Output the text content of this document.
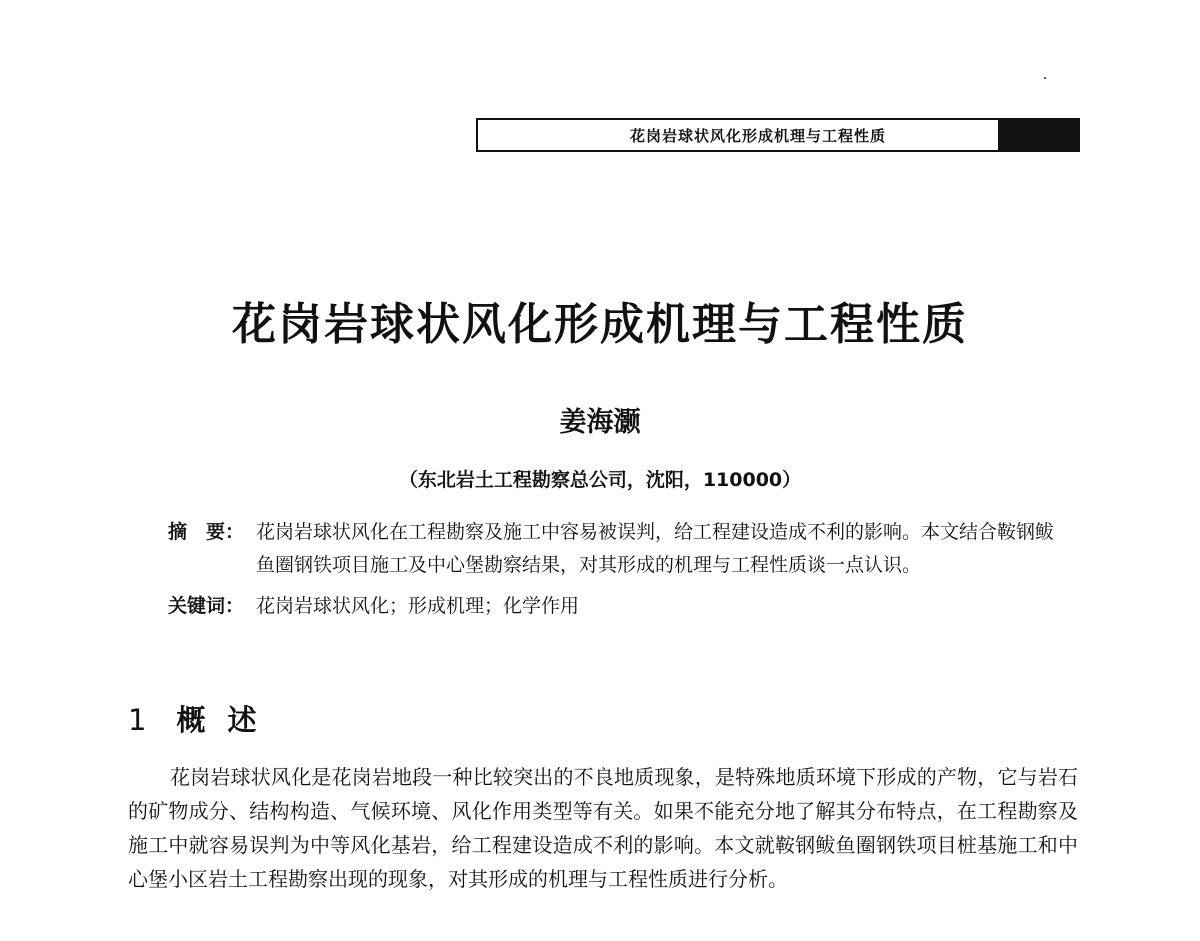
花岗岩球状风化形成机理与工程性质
花岗岩球状风化形成机理与工程性质
姜海灏
（东北岩土工程勘察总公司，沈阳，110000）
摘　要： 花岗岩球状风化在工程勘察及施工中容易被误判，给工程建设造成不利的影响。本文结合鞍钢鲅鱼圈钢铁项目施工及中心堡勘察结果，对其形成的机理与工程性质谈一点认识。
关键词： 花岗岩球状风化；形成机理；化学作用
1 概述
花岗岩球状风化是花岗岩地段一种比较突出的不良地质现象，是特殊地质环境下形成的产物，它与岩石的矿物成分、结构构造、气候环境、风化作用类型等有关。如果不能充分地了解其分布特点，在工程勘察及施工中就容易误判为中等风化基岩，给工程建设造成不利的影响。本文就鞍钢鲅鱼圈钢铁项目桩基施工和中心堡小区岩土工程勘察出现的现象，对其形成的机理与工程性质进行分析。
